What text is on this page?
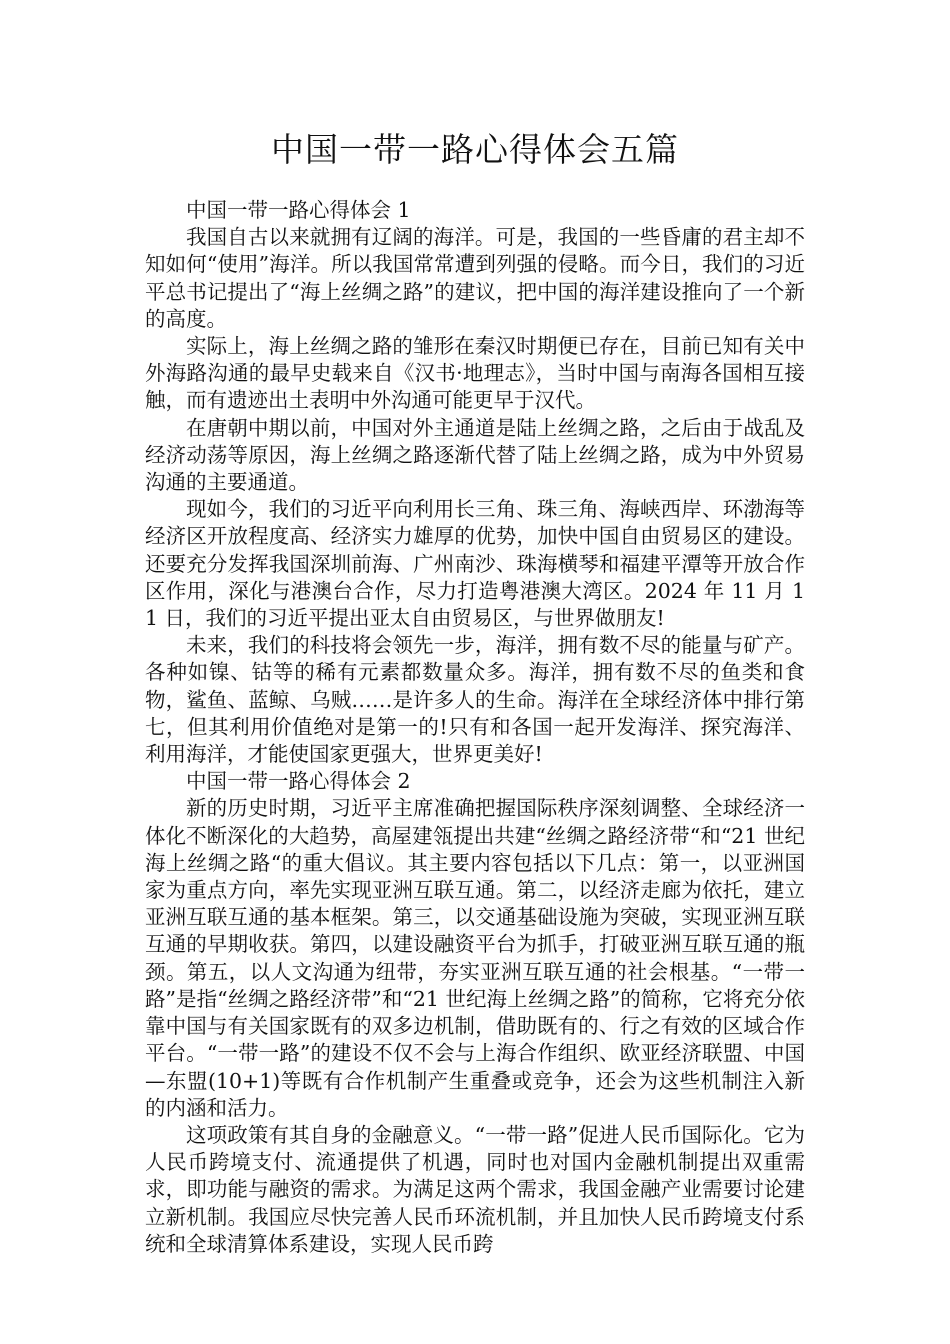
中国一带一路心得体会五篇

中国一带一路心得体会 1

我国自古以来就拥有辽阔的海洋。可是，我国的一些昏庸的君主却不知如何“使用”海洋。所以我国常常遭到列强的侵略。而今日，我们的习近平总书记提出了“海上丝绸之路”的建议，把中国的海洋建设推向了一个新的高度。

实际上，海上丝绸之路的雏形在秦汉时期便已存在，目前已知有关中外海路沟通的最早史载来自《汉书·地理志》，当时中国与南海各国相互接触，而有遗迹出土表明中外沟通可能更早于汉代。

在唐朝中期以前，中国对外主通道是陆上丝绸之路，之后由于战乱及经济动荡等原因，海上丝绸之路逐渐代替了陆上丝绸之路，成为中外贸易沟通的主要通道。

现如今，我们的习近平向利用长三角、珠三角、海峡西岸、环渤海等经济区开放程度高、经济实力雄厚的优势，加快中国自由贸易区的建设。还要充分发挥我国深圳前海、广州南沙、珠海横琴和福建平潭等开放合作区作用，深化与港澳台合作，尽力打造粤港澳大湾区。2024 年 11 月 11 日，我们的习近平提出亚太自由贸易区，与世界做朋友!

未来，我们的科技将会领先一步，海洋，拥有数不尽的能量与矿产。各种如镍、钴等的稀有元素都数量众多。海洋，拥有数不尽的鱼类和食物，鲨鱼、蓝鲸、乌贼……是许多人的生命。海洋在全球经济体中排行第七，但其利用价值绝对是第一的!只有和各国一起开发海洋、探究海洋、利用海洋，才能使国家更强大，世界更美好!

中国一带一路心得体会 2

新的历史时期，习近平主席准确把握国际秩序深刻调整、全球经济一体化不断深化的大趋势，高屋建瓴提出共建“丝绸之路经济带“和“21 世纪海上丝绸之路“的重大倡议。其主要内容包括以下几点：第一，以亚洲国家为重点方向，率先实现亚洲互联互通。第二，以经济走廊为依托，建立亚洲互联互通的基本框架。第三，以交通基础设施为突破，实现亚洲互联互通的早期收获。第四，以建设融资平台为抓手，打破亚洲互联互通的瓶颈。第五，以人文沟通为纽带，夯实亚洲互联互通的社会根基。“一带一路”是指“丝绸之路经济带”和“21 世纪海上丝绸之路”的简称，它将充分依靠中国与有关国家既有的双多边机制，借助既有的、行之有效的区域合作平台。“一带一路”的建设不仅不会与上海合作组织、欧亚经济联盟、中国—东盟(10+1)等既有合作机制产生重叠或竞争，还会为这些机制注入新的内涵和活力。

这项政策有其自身的金融意义。“一带一路”促进人民币国际化。它为人民币跨境支付、流通提供了机遇，同时也对国内金融机制提出双重需求，即功能与融资的需求。为满足这两个需求，我国金融产业需要讨论建立新机制。我国应尽快完善人民币环流机制，并且加快人民币跨境支付系统和全球清算体系建设，实现人民币跨
